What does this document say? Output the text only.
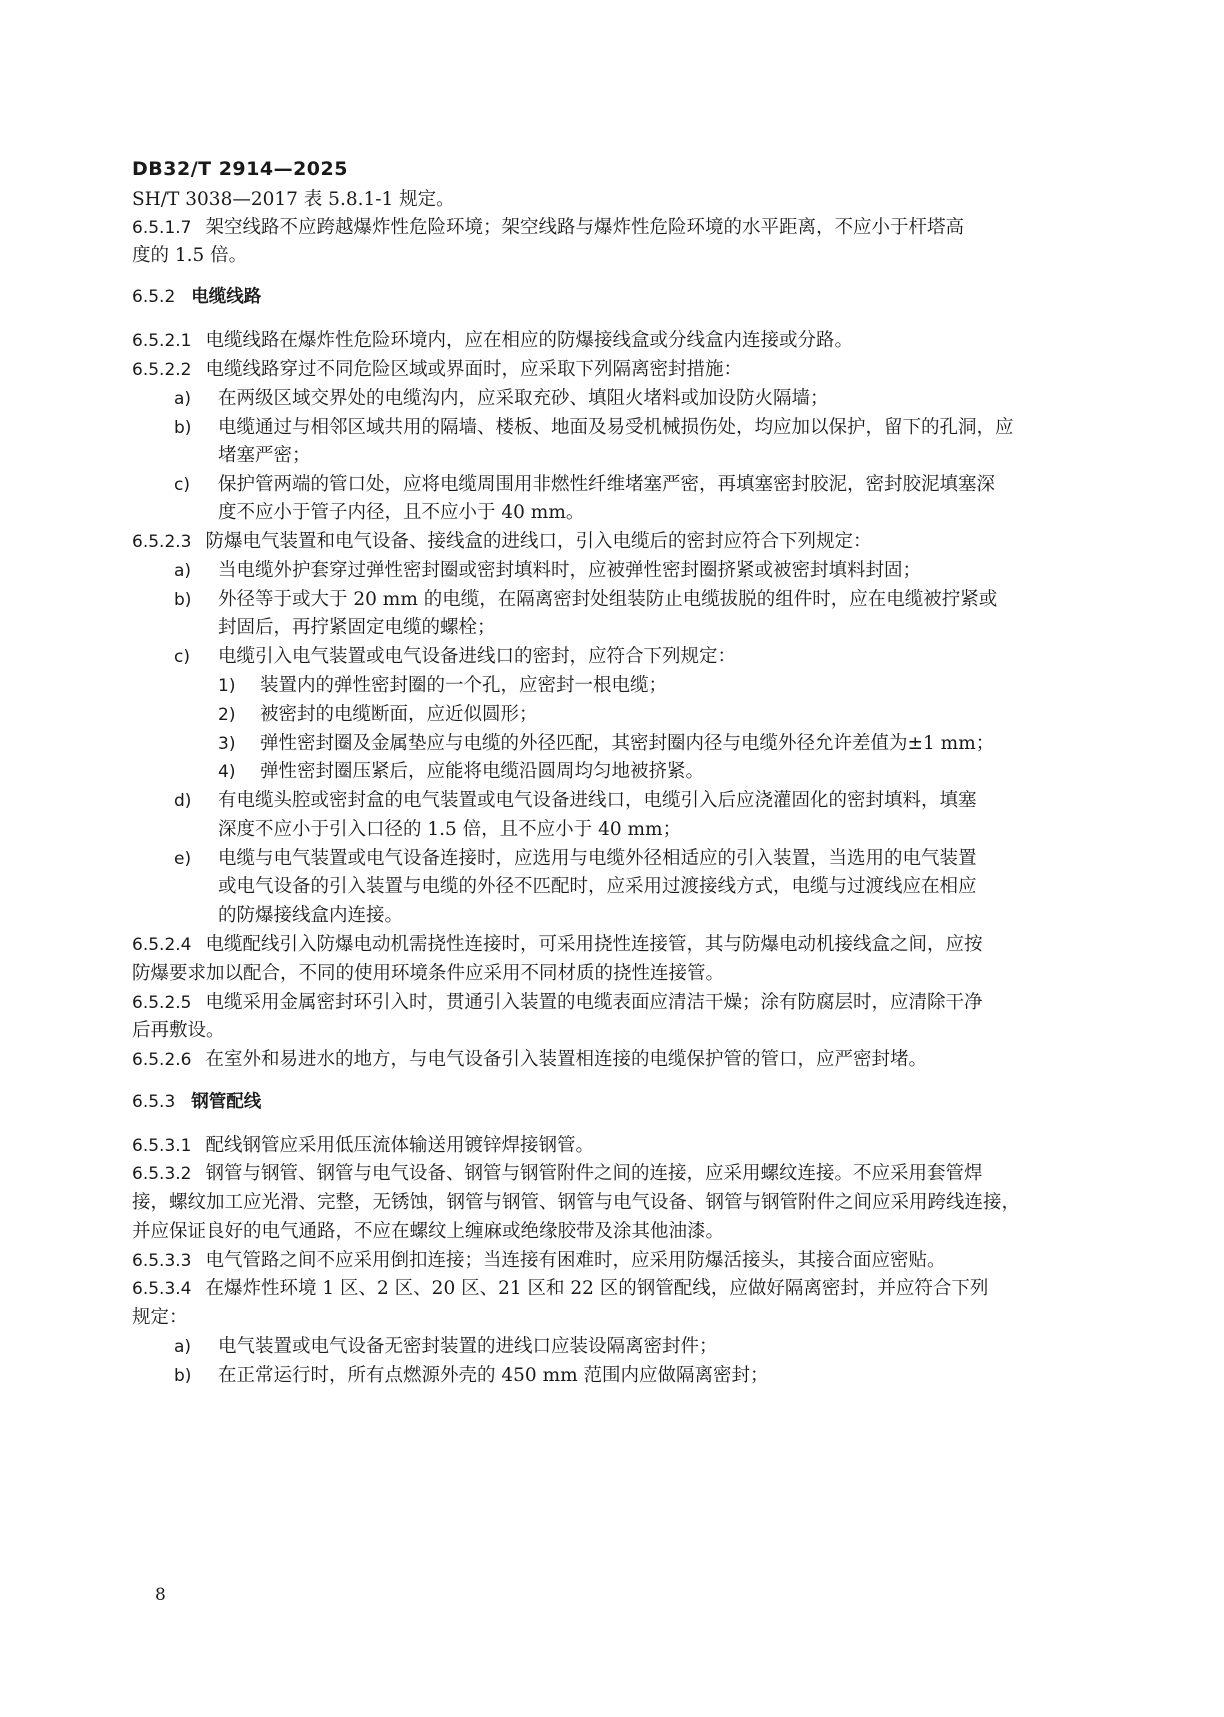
DB32/T 2914—2025
SH/T 3038—2017 表 5.8.1-1 规定。
6.5.1.7 架空线路不应跨越爆炸性危险环境；架空线路与爆炸性危险环境的水平距离，不应小于杆塔高
度的 1.5 倍。
6.5.2 电缆线路
6.5.2.1 电缆线路在爆炸性危险环境内，应在相应的防爆接线盒或分线盒内连接或分路。
6.5.2.2 电缆线路穿过不同危险区域或界面时，应采取下列隔离密封措施：
a) 在两级区域交界处的电缆沟内，应采取充砂、填阻火堵料或加设防火隔墙；
b) 电缆通过与相邻区域共用的隔墙、楼板、地面及易受机械损伤处，均应加以保护，留下的孔洞，应
堵塞严密；
c) 保护管两端的管口处，应将电缆周围用非燃性纤维堵塞严密，再填塞密封胶泥，密封胶泥填塞深
度不应小于管子内径，且不应小于 40 mm。
6.5.2.3 防爆电气装置和电气设备、接线盒的进线口，引入电缆后的密封应符合下列规定：
a) 当电缆外护套穿过弹性密封圈或密封填料时，应被弹性密封圈挤紧或被密封填料封固；
b) 外径等于或大于 20 mm 的电缆，在隔离密封处组装防止电缆拔脱的组件时，应在电缆被拧紧或
封固后，再拧紧固定电缆的螺栓；
c) 电缆引入电气装置或电气设备进线口的密封，应符合下列规定：
1) 装置内的弹性密封圈的一个孔，应密封一根电缆；
2) 被密封的电缆断面，应近似圆形；
3) 弹性密封圈及金属垫应与电缆的外径匹配，其密封圈内径与电缆外径允许差值为±1 mm；
4) 弹性密封圈压紧后，应能将电缆沿圆周均匀地被挤紧。
d) 有电缆头腔或密封盒的电气装置或电气设备进线口，电缆引入后应浇灌固化的密封填料，填塞
深度不应小于引入口径的 1.5 倍，且不应小于 40 mm；
e) 电缆与电气装置或电气设备连接时，应选用与电缆外径相适应的引入装置，当选用的电气装置
或电气设备的引入装置与电缆的外径不匹配时，应采用过渡接线方式，电缆与过渡线应在相应
的防爆接线盒内连接。
6.5.2.4 电缆配线引入防爆电动机需挠性连接时，可采用挠性连接管，其与防爆电动机接线盒之间，应按
防爆要求加以配合，不同的使用环境条件应采用不同材质的挠性连接管。
6.5.2.5 电缆采用金属密封环引入时，贯通引入装置的电缆表面应清洁干燥；涂有防腐层时，应清除干净
后再敷设。
6.5.2.6 在室外和易进水的地方，与电气设备引入装置相连接的电缆保护管的管口，应严密封堵。
6.5.3 钢管配线
6.5.3.1 配线钢管应采用低压流体输送用镀锌焊接钢管。
6.5.3.2 钢管与钢管、钢管与电气设备、钢管与钢管附件之间的连接，应采用螺纹连接。不应采用套管焊
接，螺纹加工应光滑、完整，无锈蚀，钢管与钢管、钢管与电气设备、钢管与钢管附件之间应采用跨线连接，
并应保证良好的电气通路，不应在螺纹上缠麻或绝缘胶带及涂其他油漆。
6.5.3.3 电气管路之间不应采用倒扣连接；当连接有困难时，应采用防爆活接头，其接合面应密贴。
6.5.3.4 在爆炸性环境 1 区、2 区、20 区、21 区和 22 区的钢管配线，应做好隔离密封，并应符合下列
规定：
a) 电气装置或电气设备无密封装置的进线口应装设隔离密封件；
b) 在正常运行时，所有点燃源外壳的 450 mm 范围内应做隔离密封；
8
